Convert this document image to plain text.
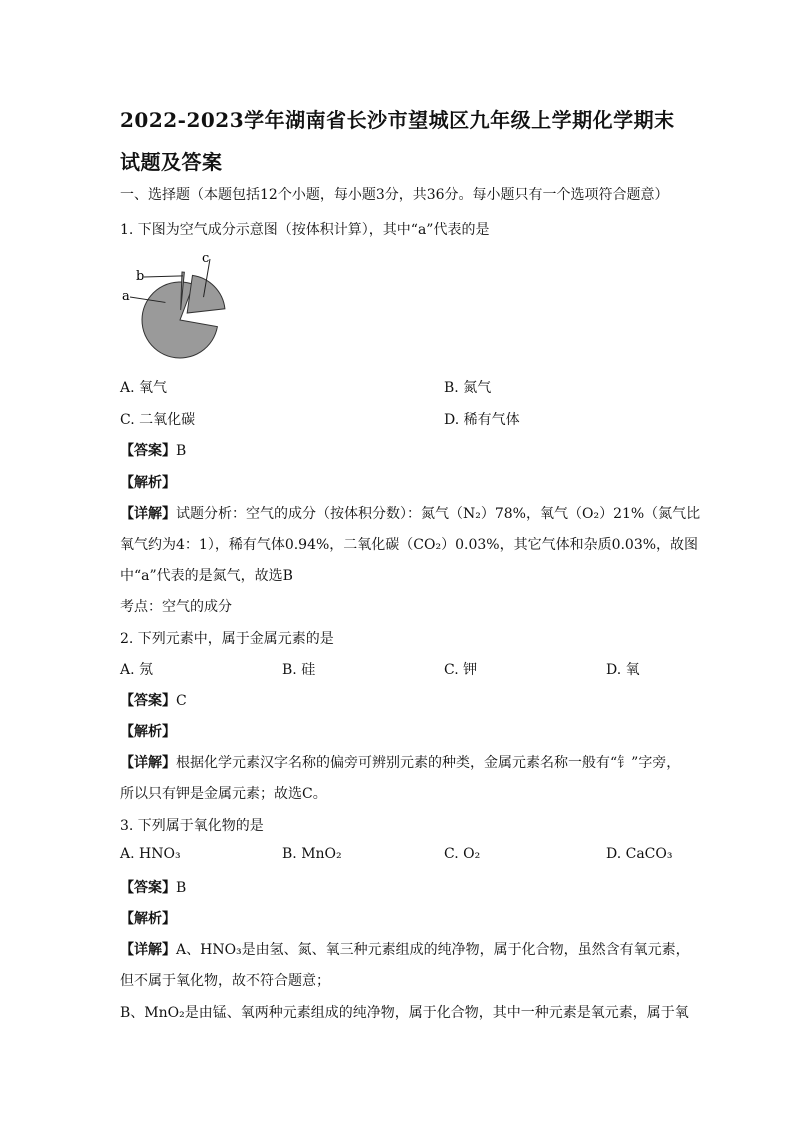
2022-2023学年湖南省长沙市望城区九年级上学期化学期末
试题及答案
一、选择题（本题包括12个小题，每小题3分，共36分。每小题只有一个选项符合题意）
1. 下图为空气成分示意图（按体积计算），其中“a”代表的是
a
b
c
A. 氧气	B. 氮气
C. 二氧化碳	D. 稀有气体
【答案】B
【解析】
【详解】试题分析：空气的成分（按体积分数）：氮气（N₂）78%，氧气（O₂）21%（氮气比
氧气约为4：1），稀有气体0.94%，二氧化碳（CO₂）0.03%，其它气体和杂质0.03%，故图
中“a”代表的是氮气，故选B
考点：空气的成分
2. 下列元素中，属于金属元素的是
A. 氖	B. 硅	C. 钾	D. 氧
【答案】C
【解析】
【详解】根据化学元素汉字名称的偏旁可辨别元素的种类，金属元素名称一般有“钅”字旁，
所以只有钾是金属元素；故选C。
3. 下列属于氧化物的是
A. HNO₃	B. MnO₂	C. O₂	D. CaCO₃
【答案】B
【解析】
【详解】A、HNO₃是由氢、氮、氧三种元素组成的纯净物，属于化合物，虽然含有氧元素，
但不属于氧化物，故不符合题意；
B、MnO₂是由锰、氧两种元素组成的纯净物，属于化合物，其中一种元素是氧元素，属于氧
